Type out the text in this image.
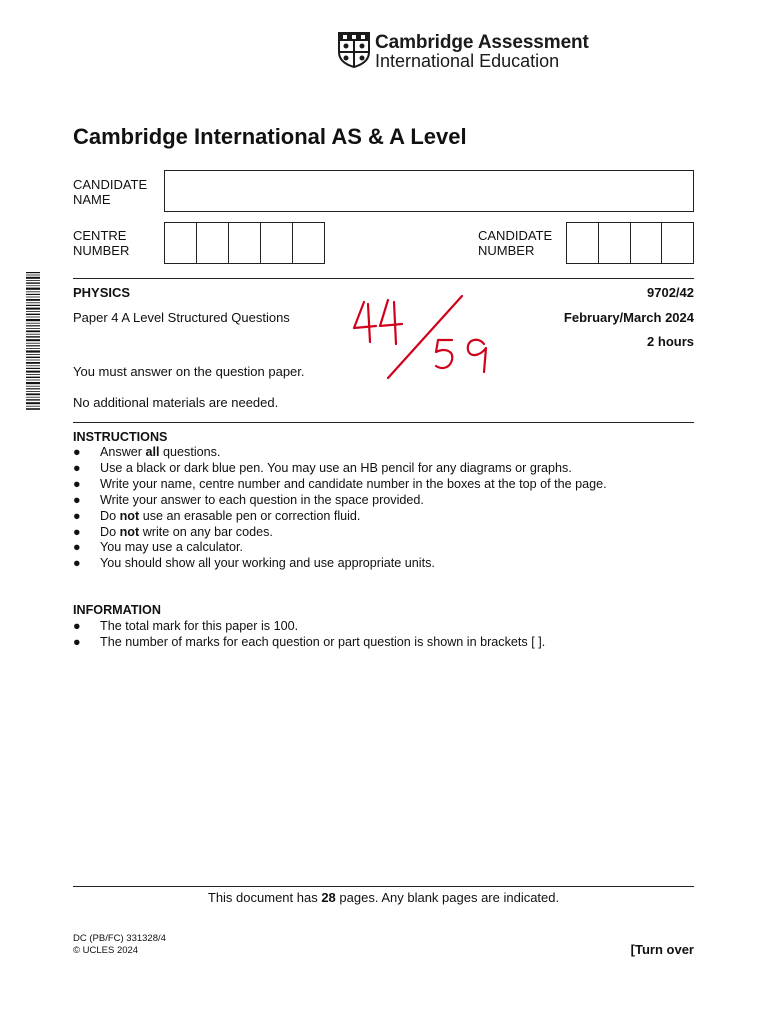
Cambridge Assessment
International Education
Cambridge International AS & A Level
CANDIDATE
NAME
CENTRE
NUMBER
CANDIDATE
NUMBER
PHYSICS	9702/42
Paper 4 A Level Structured Questions	February/March 2024
2 hours
You must answer on the question paper.
No additional materials are needed.
INSTRUCTIONS
● Answer all questions.
● Use a black or dark blue pen. You may use an HB pencil for any diagrams or graphs.
● Write your name, centre number and candidate number in the boxes at the top of the page.
● Write your answer to each question in the space provided.
● Do not use an erasable pen or correction fluid.
● Do not write on any bar codes.
● You may use a calculator.
● You should show all your working and use appropriate units.
INFORMATION
● The total mark for this paper is 100.
● The number of marks for each question or part question is shown in brackets [ ].
This document has 28 pages. Any blank pages are indicated.
DC (PB/FC) 331328/4
© UCLES 2024	[Turn over
